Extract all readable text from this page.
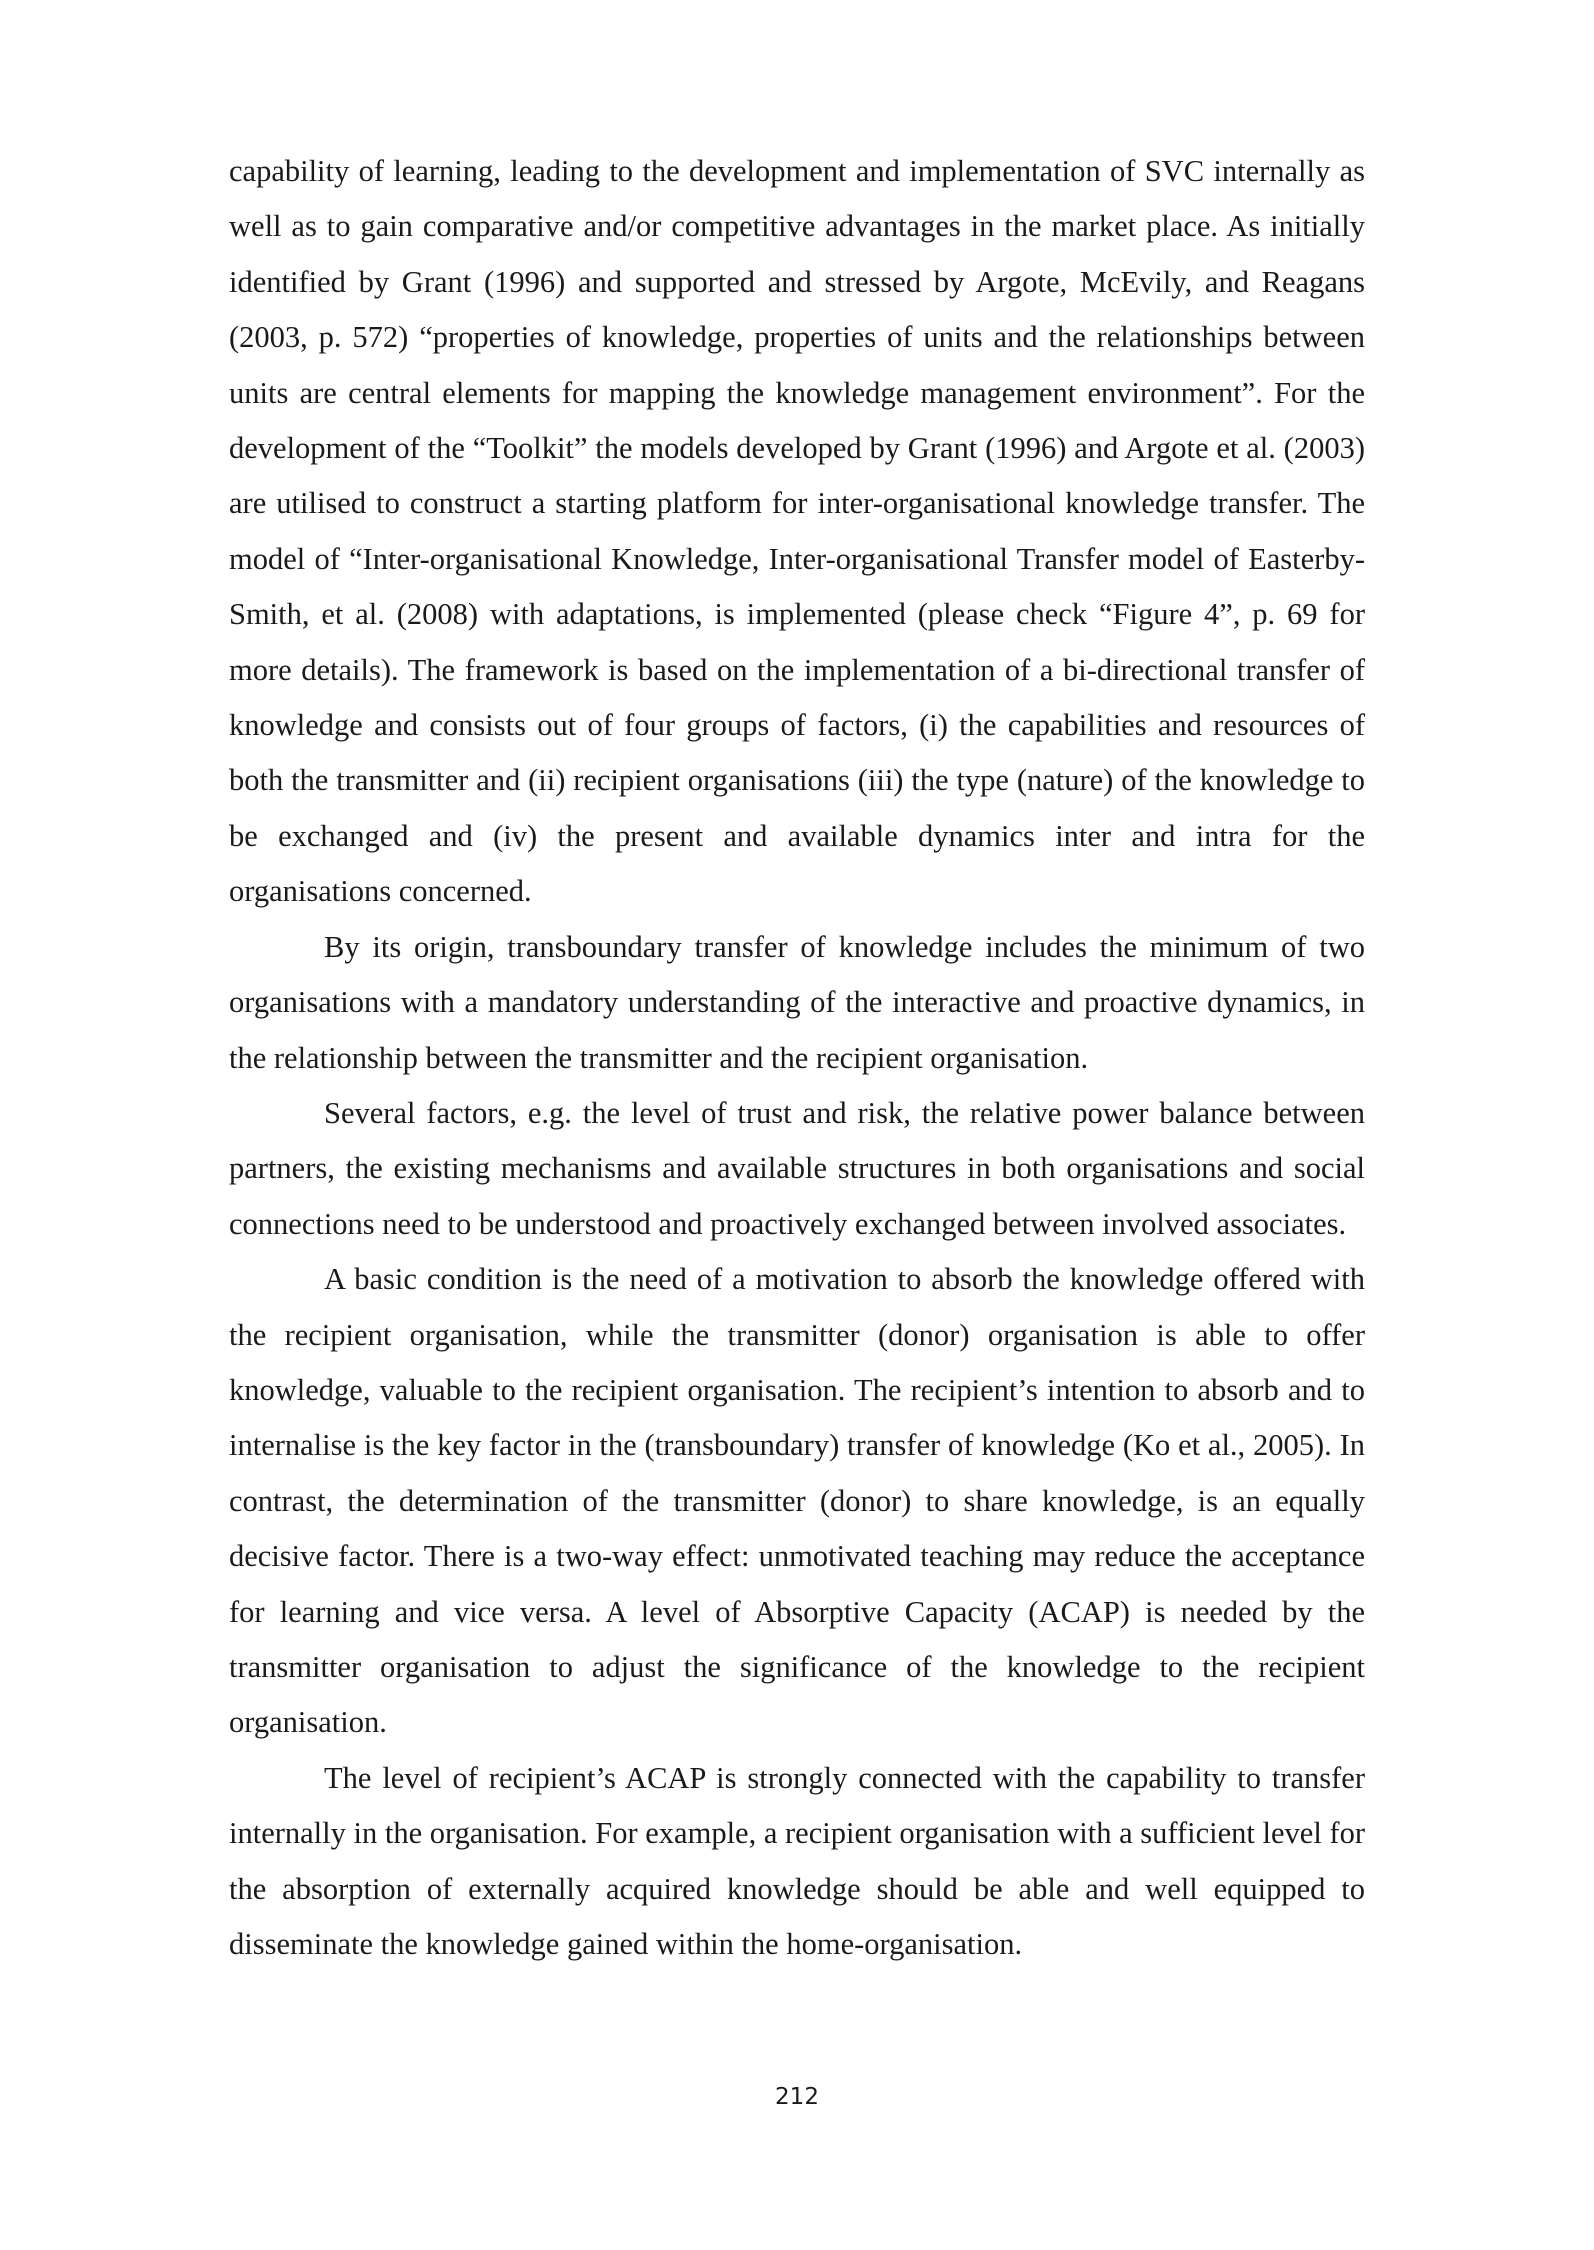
capability of learning, leading to the development and implementation of SVC internally as well as to gain comparative and/or competitive advantages in the market place. As initially identified by Grant (1996) and supported and stressed by Argote, McEvily, and Reagans (2003, p. 572) “properties of knowledge, properties of units and the relationships between units are central elements for mapping the knowledge management environment”. For the development of the “Toolkit” the models developed by Grant (1996) and Argote et al. (2003) are utilised to construct a starting platform for inter-organisational knowledge transfer. The model of “Inter-organisational Knowledge, Inter-organisational Transfer model of Easterby-Smith, et al. (2008) with adaptations, is implemented (please check “Figure 4”, p. 69 for more details). The framework is based on the implementation of a bi-directional transfer of knowledge and consists out of four groups of factors, (i) the capabilities and resources of both the transmitter and (ii) recipient organisations (iii) the type (nature) of the knowledge to be exchanged and (iv) the present and available dynamics inter and intra for the organisations concerned.

By its origin, transboundary transfer of knowledge includes the minimum of two organisations with a mandatory understanding of the interactive and proactive dynamics, in the relationship between the transmitter and the recipient organisation.

Several factors, e.g. the level of trust and risk, the relative power balance between partners, the existing mechanisms and available structures in both organisations and social connections need to be understood and proactively exchanged between involved associates.

A basic condition is the need of a motivation to absorb the knowledge offered with the recipient organisation, while the transmitter (donor) organisation is able to offer knowledge, valuable to the recipient organisation. The recipient’s intention to absorb and to internalise is the key factor in the (transboundary) transfer of knowledge (Ko et al., 2005). In contrast, the determination of the transmitter (donor) to share knowledge, is an equally decisive factor. There is a two-way effect: unmotivated teaching may reduce the acceptance for learning and vice versa. A level of Absorptive Capacity (ACAP) is needed by the transmitter organisation to adjust the significance of the knowledge to the recipient organisation.

The level of recipient’s ACAP is strongly connected with the capability to transfer internally in the organisation. For example, a recipient organisation with a sufficient level for the absorption of externally acquired knowledge should be able and well equipped to disseminate the knowledge gained within the home-organisation.

212
